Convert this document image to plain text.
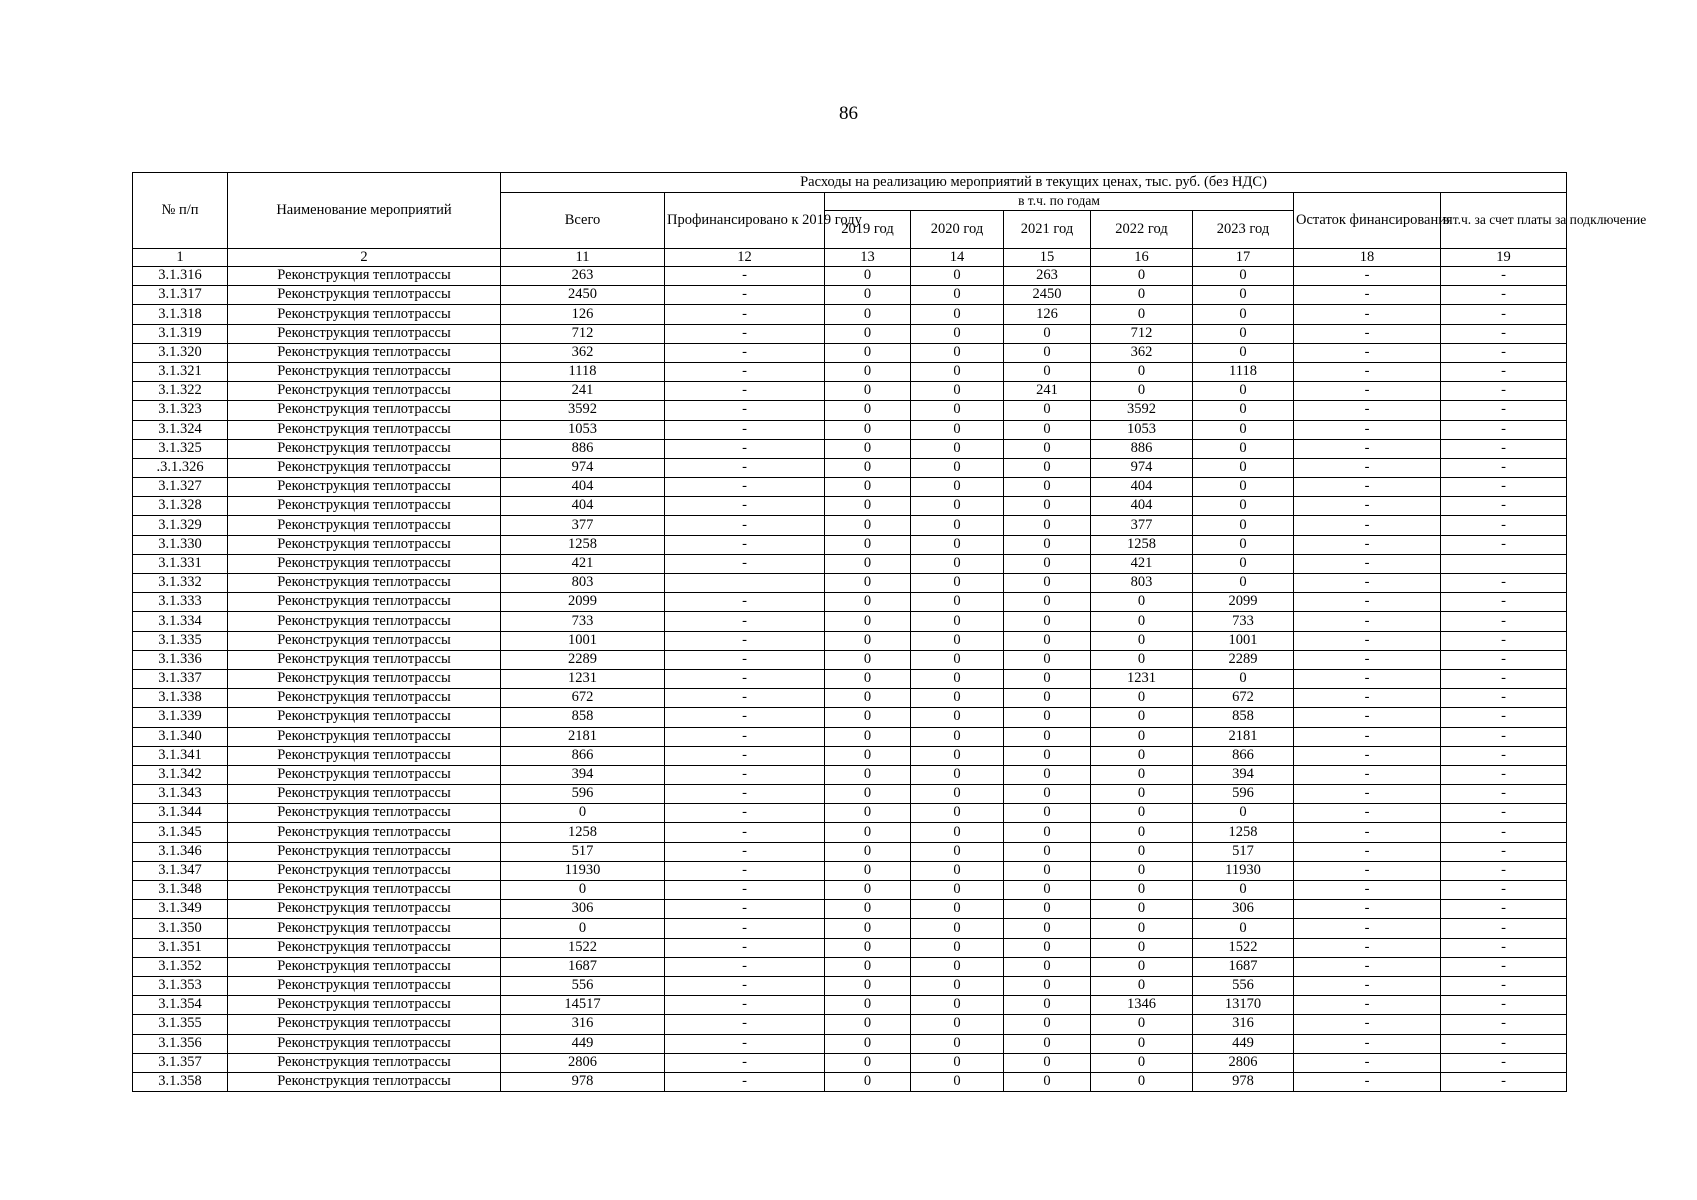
86
№ п/п	Наименование мероприятий	Расходы на реализацию мероприятий в текущих ценах, тыс. руб. (без НДС)								
		Всего	Профинансировано к 2019 году	в т.ч. по годам					Остаток финансирования	в т.ч. за счет платы за подключение
				2019 год	2020 год	2021 год	2022 год	2023 год		
1	2	11	12	13	14	15	16	17	18	19
3.1.316	Реконструкция теплотрассы	263	-	0	0	263	0	0	-	-
3.1.317	Реконструкция теплотрассы	2450	-	0	0	2450	0	0	-	-
3.1.318	Реконструкция теплотрассы	126	-	0	0	126	0	0	-	-
3.1.319	Реконструкция теплотрассы	712	-	0	0	0	712	0	-	-
3.1.320	Реконструкция теплотрассы	362	-	0	0	0	362	0	-	-
3.1.321	Реконструкция теплотрассы	1118	-	0	0	0	0	1118	-	-
3.1.322	Реконструкция теплотрассы	241	-	0	0	241	0	0	-	-
3.1.323	Реконструкция теплотрассы	3592	-	0	0	0	3592	0	-	-
3.1.324	Реконструкция теплотрассы	1053	-	0	0	0	1053	0	-	-
3.1.325	Реконструкция теплотрассы	886	-	0	0	0	886	0	-	-
.3.1.326	Реконструкция теплотрассы	974	-	0	0	0	974	0	-	-
3.1.327	Реконструкция теплотрассы	404	-	0	0	0	404	0	-	-
3.1.328	Реконструкция теплотрассы	404	-	0	0	0	404	0	-	-
3.1.329	Реконструкция теплотрассы	377	-	0	0	0	377	0	-	-
3.1.330	Реконструкция теплотрассы	1258	-	0	0	0	1258	0	-	-
3.1.331	Реконструкция теплотрассы	421	-	0	0	0	421	0	-	
3.1.332	Реконструкция теплотрассы	803		0	0	0	803	0	-	-
3.1.333	Реконструкция теплотрассы	2099	-	0	0	0	0	2099	-	-
3.1.334	Реконструкция теплотрассы	733	-	0	0	0	0	733	-	-
3.1.335	Реконструкция теплотрассы	1001	-	0	0	0	0	1001	-	-
3.1.336	Реконструкция теплотрассы	2289	-	0	0	0	0	2289	-	-
3.1.337	Реконструкция теплотрассы	1231	-	0	0	0	1231	0	-	-
3.1.338	Реконструкция теплотрассы	672	-	0	0	0	0	672	-	-
3.1.339	Реконструкция теплотрассы	858	-	0	0	0	0	858	-	-
3.1.340	Реконструкция теплотрассы	2181	-	0	0	0	0	2181	-	-
3.1.341	Реконструкция теплотрассы	866	-	0	0	0	0	866	-	-
3.1.342	Реконструкция теплотрассы	394	-	0	0	0	0	394	-	-
3.1.343	Реконструкция теплотрассы	596	-	0	0	0	0	596	-	-
3.1.344	Реконструкция теплотрассы	0	-	0	0	0	0	0	-	-
3.1.345	Реконструкция теплотрассы	1258	-	0	0	0	0	1258	-	-
3.1.346	Реконструкция теплотрассы	517	-	0	0	0	0	517	-	-
3.1.347	Реконструкция теплотрассы	11930	-	0	0	0	0	11930	-	-
3.1.348	Реконструкция теплотрассы	0	-	0	0	0	0	0	-	-
3.1.349	Реконструкция теплотрассы	306	-	0	0	0	0	306	-	-
3.1.350	Реконструкция теплотрассы	0	-	0	0	0	0	0	-	-
3.1.351	Реконструкция теплотрассы	1522	-	0	0	0	0	1522	-	-
3.1.352	Реконструкция теплотрассы	1687	-	0	0	0	0	1687	-	-
3.1.353	Реконструкция теплотрассы	556	-	0	0	0	0	556	-	-
3.1.354	Реконструкция теплотрассы	14517	-	0	0	0	1346	13170	-	-
3.1.355	Реконструкция теплотрассы	316	-	0	0	0	0	316	-	-
3.1.356	Реконструкция теплотрассы	449	-	0	0	0	0	449	-	-
3.1.357	Реконструкция теплотрассы	2806	-	0	0	0	0	2806	-	-
3.1.358	Реконструкция теплотрассы	978	-	0	0	0	0	978	-	-
